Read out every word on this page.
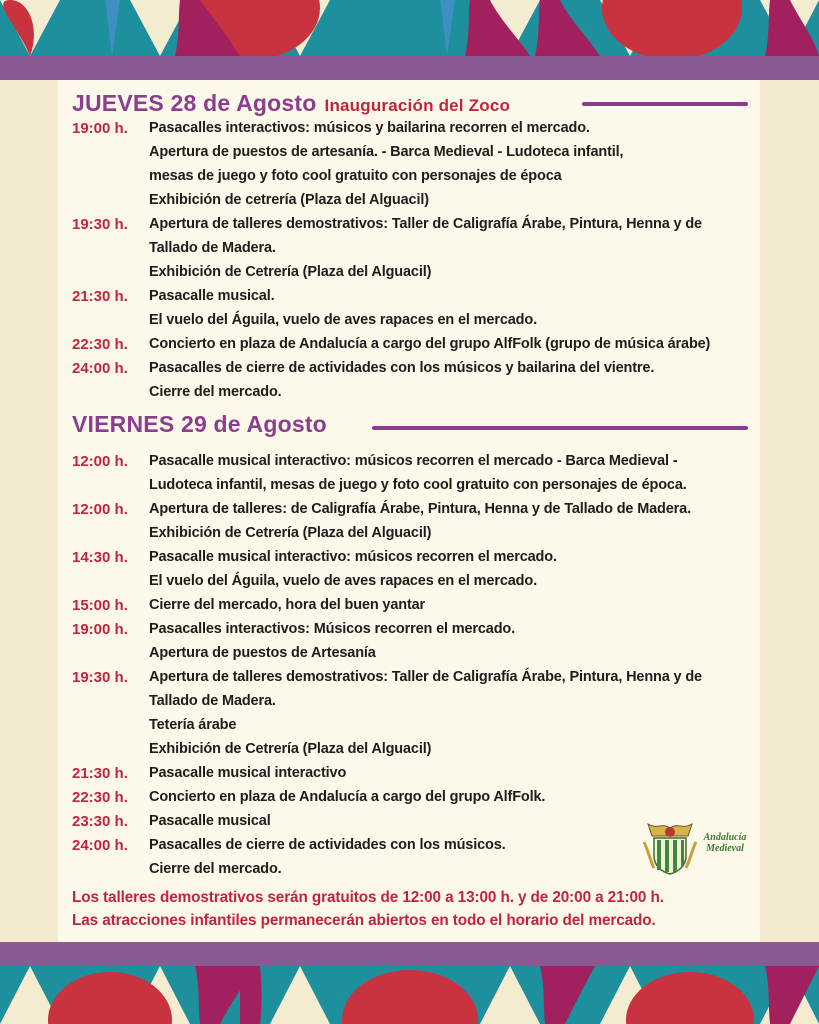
JUEVES 28 de Agosto Inauguración del Zoco
19:00 h.	Pasacalles interactivos: músicos y bailarina recorren el mercado.
Apertura de puestos de artesanía. - Barca Medieval - Ludoteca infantil,
mesas de juego y foto cool gratuito con personajes de época
Exhibición de cetrería (Plaza del Alguacil)
19:30 h.	Apertura de talleres demostrativos: Taller de Caligrafía Árabe, Pintura, Henna y de
Tallado de Madera.
Exhibición de Cetrería (Plaza del Alguacil)
21:30 h.	Pasacalle musical.
El vuelo del Águila, vuelo de aves rapaces en el mercado.
22:30 h.	Concierto en plaza de Andalucía a cargo del grupo AlfFolk (grupo de música árabe)
24:00 h.	Pasacalles de cierre de actividades con los músicos y bailarina del vientre.
Cierre del mercado.
VIERNES 29 de Agosto
12:00 h.	Pasacalle musical interactivo: músicos recorren el mercado - Barca Medieval -
Ludoteca infantil, mesas de juego y foto cool gratuito con personajes de época.
12:00 h.	Apertura de talleres: de Caligrafía Árabe, Pintura, Henna y de Tallado de Madera.
Exhibición de Cetrería (Plaza del Alguacil)
14:30 h.	Pasacalle musical interactivo: músicos recorren el mercado.
El vuelo del Águila, vuelo de aves rapaces en el mercado.
15:00 h.	Cierre del mercado, hora del buen yantar
19:00 h.	Pasacalles interactivos: Músicos recorren el mercado.
Apertura de puestos de Artesanía
19:30 h.	Apertura de talleres demostrativos: Taller de Caligrafía Árabe, Pintura, Henna y de
Tallado de Madera.
Tetería árabe
Exhibición de Cetrería (Plaza del Alguacil)
21:30 h.	Pasacalle musical interactivo
22:30 h.	Concierto en plaza de Andalucía a cargo del grupo AlfFolk.
23:30 h.	Pasacalle musical
24:00 h.	Pasacalles de cierre de actividades con los músicos.
Cierre del mercado.
Andalucía
Medieval
Los talleres demostrativos serán gratuitos de 12:00 a 13:00 h. y de 20:00 a 21:00 h.
Las atracciones infantiles permanecerán abiertos en todo el horario del mercado.
